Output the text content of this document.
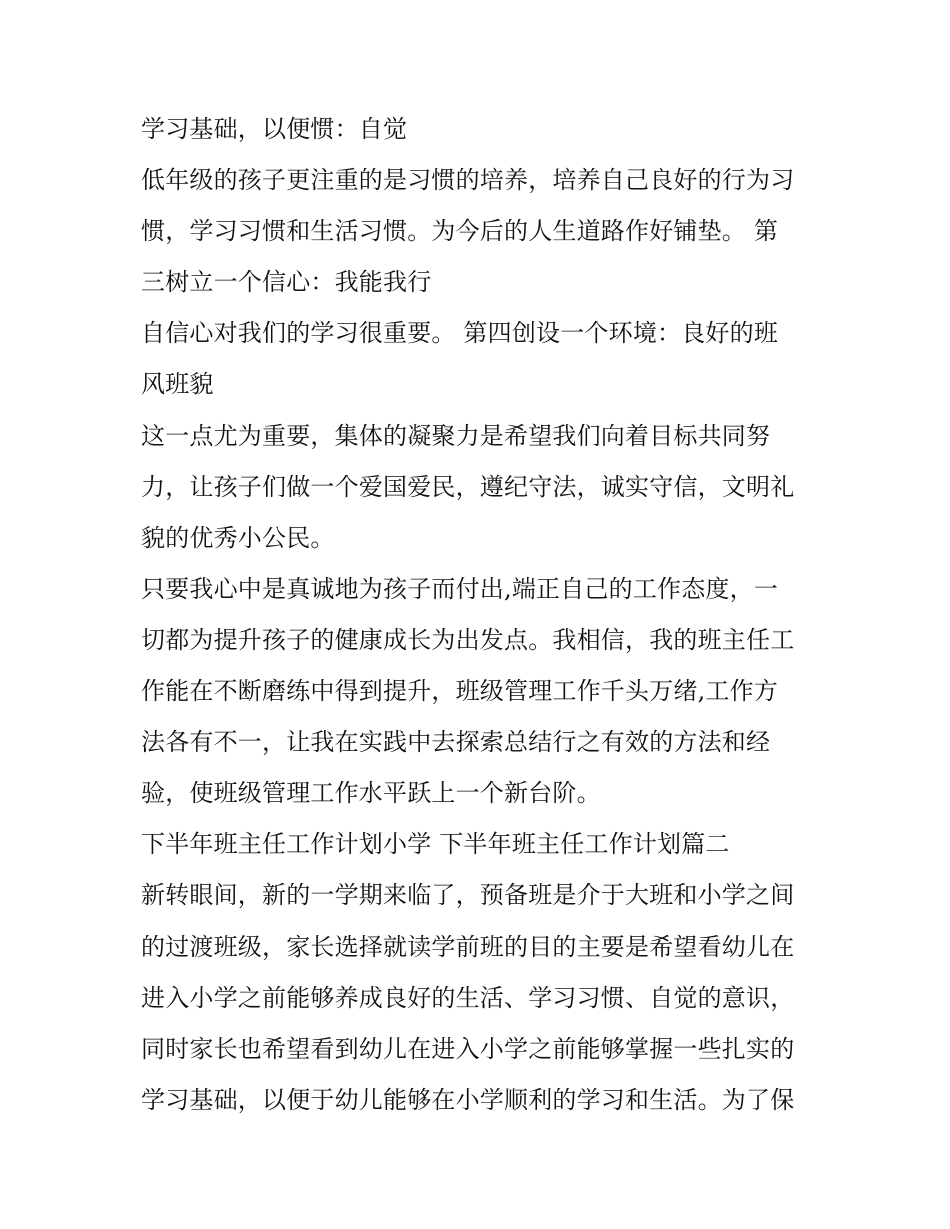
学习基础，以便惯：自觉
低年级的孩子更注重的是习惯的培养，培养自己良好的行为习
惯，学习习惯和生活习惯。为今后的人生道路作好铺垫。 第
三树立一个信心：我能我行
自信心对我们的学习很重要。 第四创设一个环境：良好的班
风班貌
这一点尤为重要，集体的凝聚力是希望我们向着目标共同努
力，让孩子们做一个爱国爱民，遵纪守法，诚实守信，文明礼
貌的优秀小公民。
只要我心中是真诚地为孩子而付出,端正自己的工作态度，一
切都为提升孩子的健康成长为出发点。我相信，我的班主任工
作能在不断磨练中得到提升，班级管理工作千头万绪,工作方
法各有不一，让我在实践中去探索总结行之有效的方法和经
验，使班级管理工作水平跃上一个新台阶。
下半年班主任工作计划小学 下半年班主任工作计划篇二
新转眼间，新的一学期来临了，预备班是介于大班和小学之间
的过渡班级，家长选择就读学前班的目的主要是希望看幼儿在
进入小学之前能够养成良好的生活、学习习惯、自觉的意识，
同时家长也希望看到幼儿在进入小学之前能够掌握一些扎实的
学习基础，以便于幼儿能够在小学顺利的学习和生活。为了保
